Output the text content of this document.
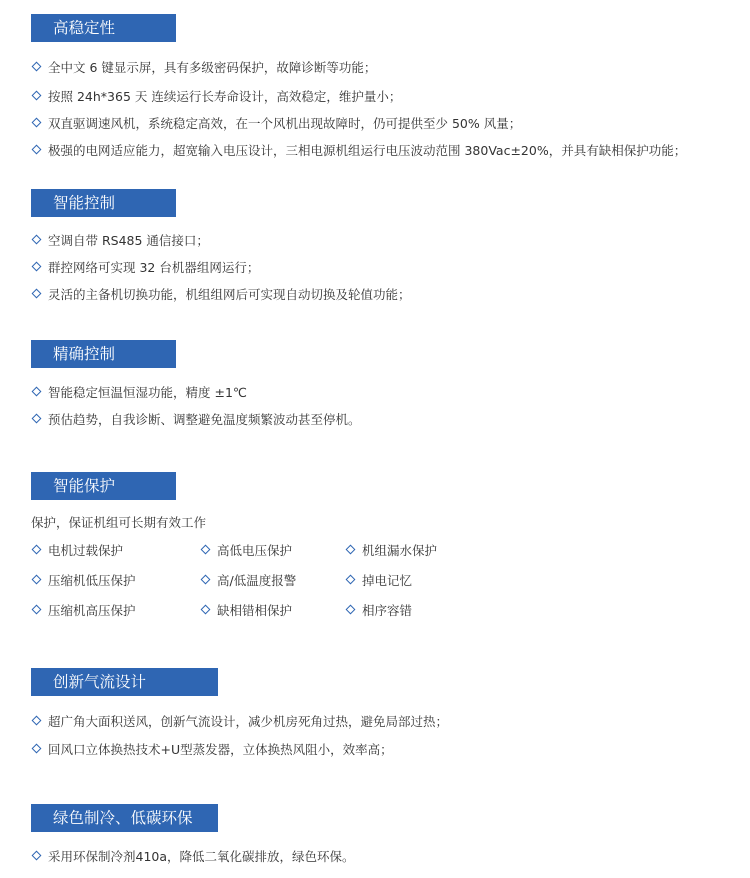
高稳定性
全中文 6 键显示屏，具有多级密码保护，故障诊断等功能；
按照 24h*365 天 连续运行长寿命设计，高效稳定，维护量小；
双直驱调速风机，系统稳定高效，在一个风机出现故障时，仍可提供至少 50% 风量；
极强的电网适应能力，超宽输入电压设计，三相电源机组运行电压波动范围 380Vac±20%，并具有缺相保护功能；
智能控制
空调自带 RS485 通信接口；
群控网络可实现 32 台机器组网运行；
灵活的主备机切换功能，机组组网后可实现自动切换及轮值功能；
精确控制
智能稳定恒温恒湿功能，精度 ±1℃
预估趋势，自我诊断、调整避免温度频繁波动甚至停机。
智能保护
保护，保证机组可长期有效工作
电机过载保护	高低电压保护	机组漏水保护
压缩机低压保护	高/低温度报警	掉电记忆
压缩机高压保护	缺相错相保护	相序容错
创新气流设计
超广角大面积送风，创新气流设计，减少机房死角过热，避免局部过热；
回风口立体换热技术+U型蒸发器，立体换热风阻小，效率高；
绿色制冷、低碳环保
采用环保制冷剂410a，降低二氧化碳排放，绿色环保。
